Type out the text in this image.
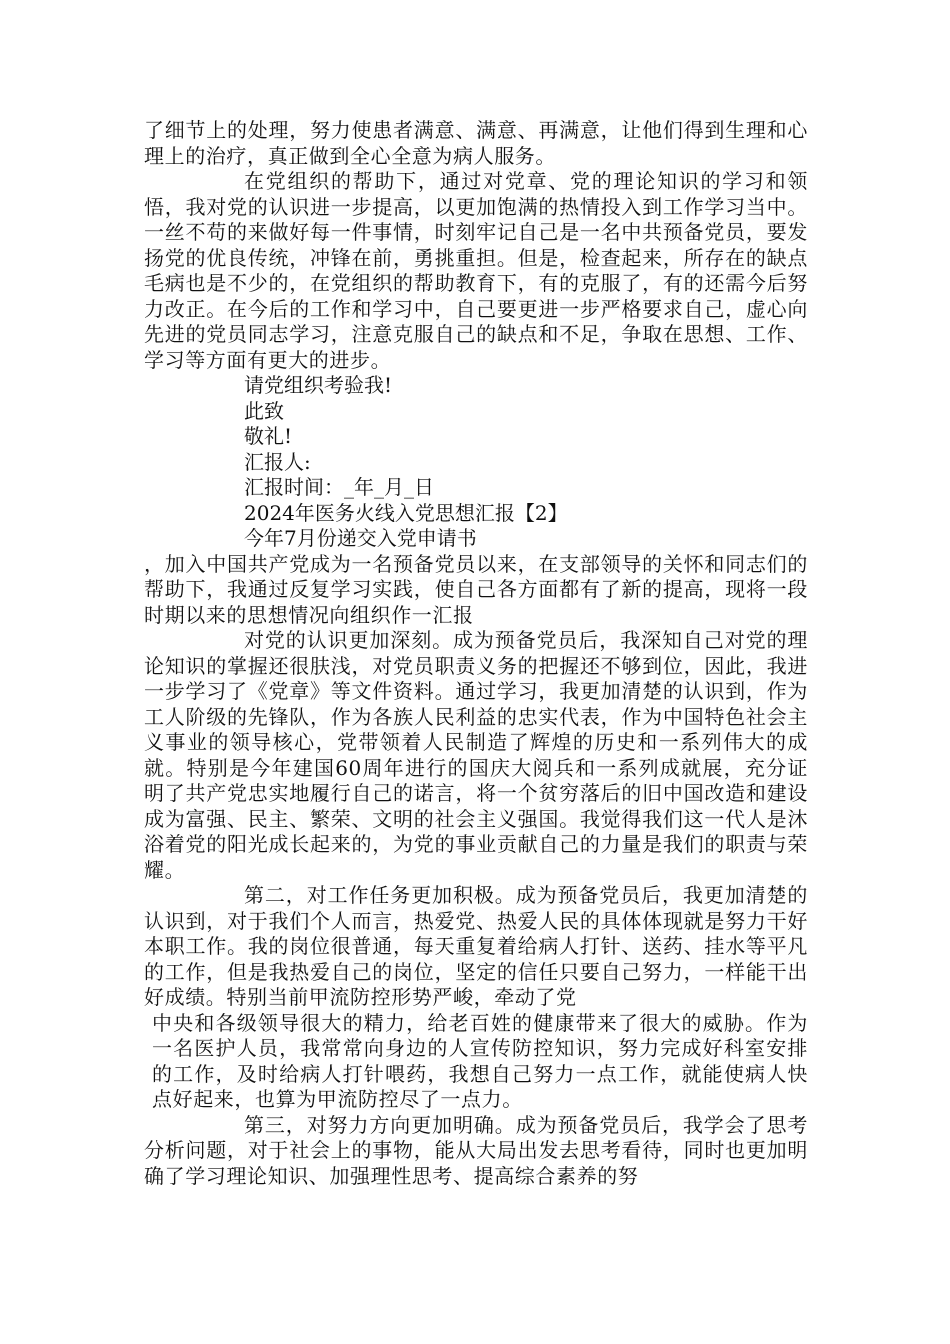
了细节上的处理，努力使患者满意、满意、再满意，让他们得到生理和心理上的治疗，真正做到全心全意为病人服务。

在党组织的帮助下，通过对党章、党的理论知识的学习和领悟，我对党的认识进一步提高，以更加饱满的热情投入到工作学习当中。一丝不苟的来做好每一件事情，时刻牢记自己是一名中共预备党员，要发扬党的优良传统，冲锋在前，勇挑重担。但是，检查起来，所存在的缺点毛病也是不少的，在党组织的帮助教育下，有的克服了，有的还需今后努力改正。在今后的工作和学习中，自己要更进一步严格要求自己，虚心向先进的党员同志学习，注意克服自己的缺点和不足，争取在思想、工作、学习等方面有更大的进步。

请党组织考验我!

此致

敬礼!

汇报人:

汇报时间：_年_月_日

2024年医务火线入党思想汇报【2】

今年7月份递交入党申请书

，加入中国共产党成为一名预备党员以来，在支部领导的关怀和同志们的帮助下，我通过反复学习实践，使自己各方面都有了新的提高，现将一段时期以来的思想情况向组织作一汇报

对党的认识更加深刻。成为预备党员后，我深知自己对党的理论知识的掌握还很肤浅，对党员职责义务的把握还不够到位，因此，我进一步学习了《党章》等文件资料。通过学习，我更加清楚的认识到，作为工人阶级的先锋队，作为各族人民利益的忠实代表，作为中国特色社会主义事业的领导核心，党带领着人民制造了辉煌的历史和一系列伟大的成就。特别是今年建国60周年进行的国庆大阅兵和一系列成就展，充分证明了共产党忠实地履行自己的诺言，将一个贫穷落后的旧中国改造和建设成为富强、民主、繁荣、文明的社会主义强国。我觉得我们这一代人是沐浴着党的阳光成长起来的，为党的事业贡献自己的力量是我们的职责与荣耀。

第二，对工作任务更加积极。成为预备党员后，我更加清楚的认识到，对于我们个人而言，热爱党、热爱人民的具体体现就是努力干好本职工作。我的岗位很普通，每天重复着给病人打针、送药、挂水等平凡的工作，但是我热爱自己的岗位，坚定的信任只要自己努力，一样能干出好成绩。特别当前甲流防控形势严峻，牵动了党

中央和各级领导很大的精力，给老百姓的健康带来了很大的威胁。作为一名医护人员，我常常向身边的人宣传防控知识，努力完成好科室安排的工作，及时给病人打针喂药，我想自己努力一点工作，就能使病人快点好起来，也算为甲流防控尽了一点力。

第三，对努力方向更加明确。成为预备党员后，我学会了思考分析问题，对于社会上的事物，能从大局出发去思考看待，同时也更加明确了学习理论知识、加强理性思考、提高综合素养的努
